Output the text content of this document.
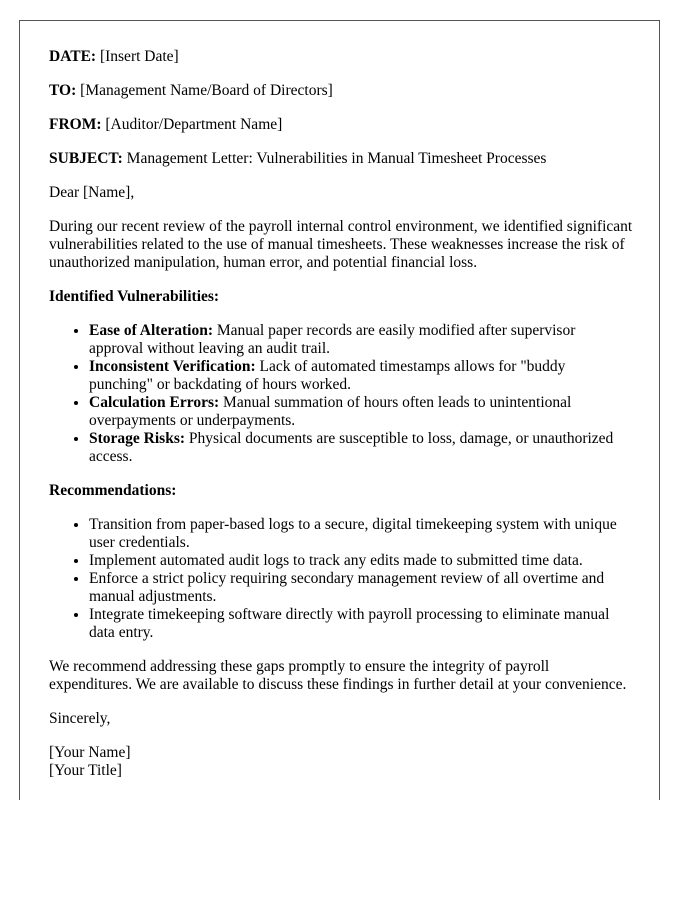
DATE: [Insert Date]

TO: [Management Name/Board of Directors]

FROM: [Auditor/Department Name]

SUBJECT: Management Letter: Vulnerabilities in Manual Timesheet Processes

Dear [Name],

During our recent review of the payroll internal control environment, we identified significant vulnerabilities related to the use of manual timesheets. These weaknesses increase the risk of unauthorized manipulation, human error, and potential financial loss.

Identified Vulnerabilities:

• Ease of Alteration: Manual paper records are easily modified after supervisor approval without leaving an audit trail.
• Inconsistent Verification: Lack of automated timestamps allows for "buddy punching" or backdating of hours worked.
• Calculation Errors: Manual summation of hours often leads to unintentional overpayments or underpayments.
• Storage Risks: Physical documents are susceptible to loss, damage, or unauthorized access.

Recommendations:

• Transition from paper-based logs to a secure, digital timekeeping system with unique user credentials.
• Implement automated audit logs to track any edits made to submitted time data.
• Enforce a strict policy requiring secondary management review of all overtime and manual adjustments.
• Integrate timekeeping software directly with payroll processing to eliminate manual data entry.

We recommend addressing these gaps promptly to ensure the integrity of payroll expenditures. We are available to discuss these findings in further detail at your convenience.

Sincerely,

[Your Name]

[Your Title]
